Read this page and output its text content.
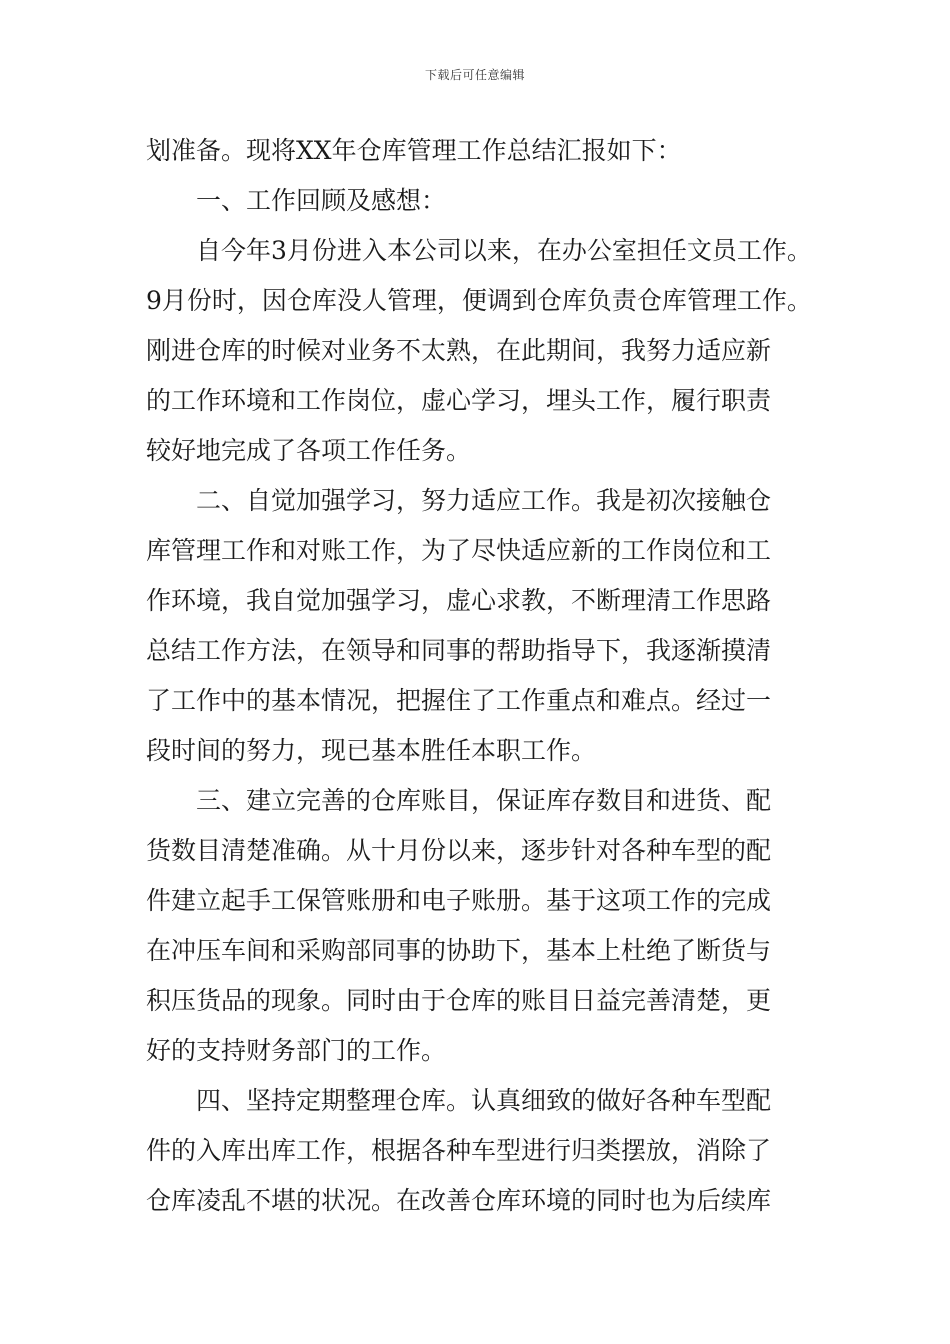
下载后可任意编辑
划准备。现将XX年仓库管理工作总结汇报如下：
一、工作回顾及感想：
自今年3月份进入本公司以来，在办公室担任文员工作。
9月份时，因仓库没人管理，便调到仓库负责仓库管理工作。
刚进仓库的时候对业务不太熟，在此期间，我努力适应新
的工作环境和工作岗位，虚心学习，埋头工作，履行职责
较好地完成了各项工作任务。
二、自觉加强学习，努力适应工作。我是初次接触仓
库管理工作和对账工作，为了尽快适应新的工作岗位和工
作环境，我自觉加强学习，虚心求教，不断理清工作思路
总结工作方法，在领导和同事的帮助指导下，我逐渐摸清
了工作中的基本情况，把握住了工作重点和难点。经过一
段时间的努力，现已基本胜任本职工作。
三、建立完善的仓库账目，保证库存数目和进货、配
货数目清楚准确。从十月份以来，逐步针对各种车型的配
件建立起手工保管账册和电子账册。基于这项工作的完成
在冲压车间和采购部同事的协助下，基本上杜绝了断货与
积压货品的现象。同时由于仓库的账目日益完善清楚，更
好的支持财务部门的工作。
四、坚持定期整理仓库。认真细致的做好各种车型配
件的入库出库工作，根据各种车型进行归类摆放，消除了
仓库凌乱不堪的状况。在改善仓库环境的同时也为后续库
